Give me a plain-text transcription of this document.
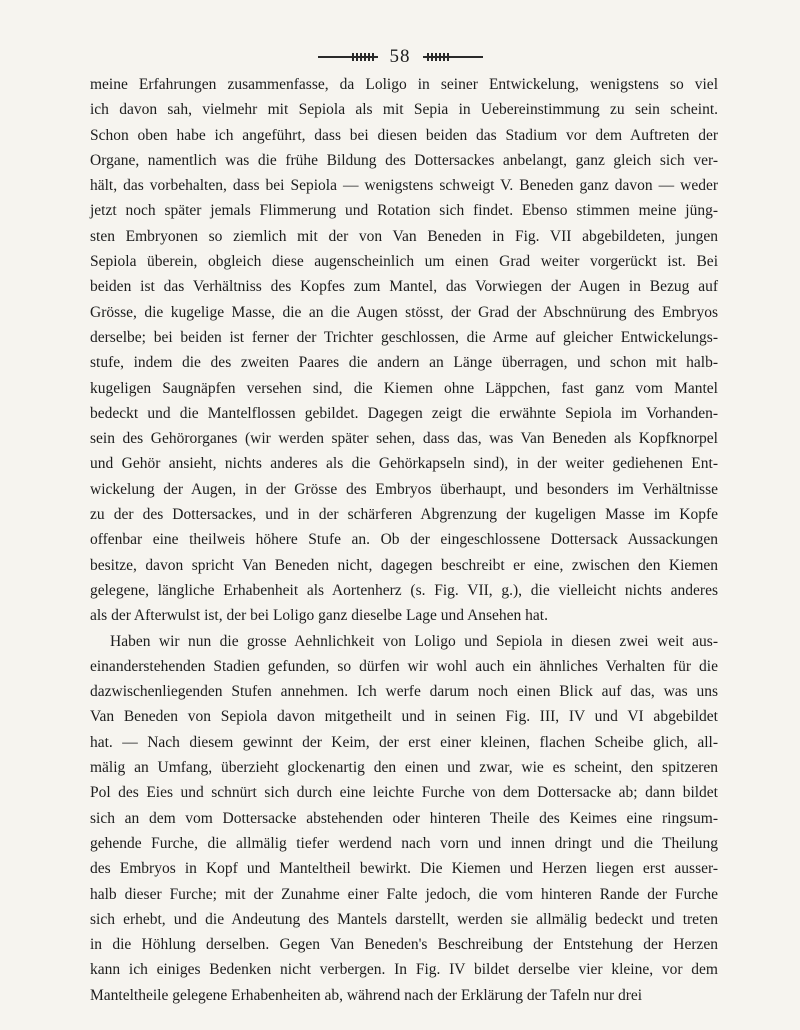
58
meine Erfahrungen zusammenfasse, da Loligo in seiner Entwickelung, wenigstens so viel
ich davon sah, vielmehr mit Sepiola als mit Sepia in Uebereinstimmung zu sein scheint.
Schon oben habe ich angeführt, dass bei diesen beiden das Stadium vor dem Auftreten der
Organe, namentlich was die frühe Bildung des Dottersackes anbelangt, ganz gleich sich ver-
hält, das vorbehalten, dass bei Sepiola — wenigstens schweigt V. Beneden ganz davon — weder
jetzt noch später jemals Flimmerung und Rotation sich findet. Ebenso stimmen meine jüng-
sten Embryonen so ziemlich mit der von Van Beneden in Fig. VII abgebildeten, jungen
Sepiola überein, obgleich diese augenscheinlich um einen Grad weiter vorgerückt ist. Bei
beiden ist das Verhältniss des Kopfes zum Mantel, das Vorwiegen der Augen in Bezug auf
Grösse, die kugelige Masse, die an die Augen stösst, der Grad der Abschnürung des Embryos
derselbe; bei beiden ist ferner der Trichter geschlossen, die Arme auf gleicher Entwickelungs-
stufe, indem die des zweiten Paares die andern an Länge überragen, und schon mit halb-
kugeligen Saugnäpfen versehen sind, die Kiemen ohne Läppchen, fast ganz vom Mantel
bedeckt und die Mantelflossen gebildet. Dagegen zeigt die erwähnte Sepiola im Vorhanden-
sein des Gehörorganes (wir werden später sehen, dass das, was Van Beneden als Kopfknorpel
und Gehör ansieht, nichts anderes als die Gehörkapseln sind), in der weiter gediehenen Ent-
wickelung der Augen, in der Grösse des Embryos überhaupt, und besonders im Verhältnisse
zu der des Dottersackes, und in der schärferen Abgrenzung der kugeligen Masse im Kopfe
offenbar eine theilweis höhere Stufe an. Ob der eingeschlossene Dottersack Aussackungen
besitze, davon spricht Van Beneden nicht, dagegen beschreibt er eine, zwischen den Kiemen
gelegene, längliche Erhabenheit als Aortenherz (s. Fig. VII, g.), die vielleicht nichts anderes
als der Afterwulst ist, der bei Loligo ganz dieselbe Lage und Ansehen hat.
Haben wir nun die grosse Aehnlichkeit von Loligo und Sepiola in diesen zwei weit aus-
einanderstehenden Stadien gefunden, so dürfen wir wohl auch ein ähnliches Verhalten für die
dazwischenliegenden Stufen annehmen. Ich werfe darum noch einen Blick auf das, was uns
Van Beneden von Sepiola davon mitgetheilt und in seinen Fig. III, IV und VI abgebildet
hat. — Nach diesem gewinnt der Keim, der erst einer kleinen, flachen Scheibe glich, all-
mälig an Umfang, überzieht glockenartig den einen und zwar, wie es scheint, den spitzeren
Pol des Eies und schnürt sich durch eine leichte Furche von dem Dottersacke ab; dann bildet
sich an dem vom Dottersacke abstehenden oder hinteren Theile des Keimes eine ringsum-
gehende Furche, die allmälig tiefer werdend nach vorn und innen dringt und die Theilung
des Embryos in Kopf und Manteltheil bewirkt. Die Kiemen und Herzen liegen erst ausser-
halb dieser Furche; mit der Zunahme einer Falte jedoch, die vom hinteren Rande der Furche
sich erhebt, und die Andeutung des Mantels darstellt, werden sie allmälig bedeckt und treten
in die Höhlung derselben. Gegen Van Beneden's Beschreibung der Entstehung der Herzen
kann ich einiges Bedenken nicht verbergen. In Fig. IV bildet derselbe vier kleine, vor dem
Manteltheile gelegene Erhabenheiten ab, während nach der Erklärung der Tafeln nur drei
